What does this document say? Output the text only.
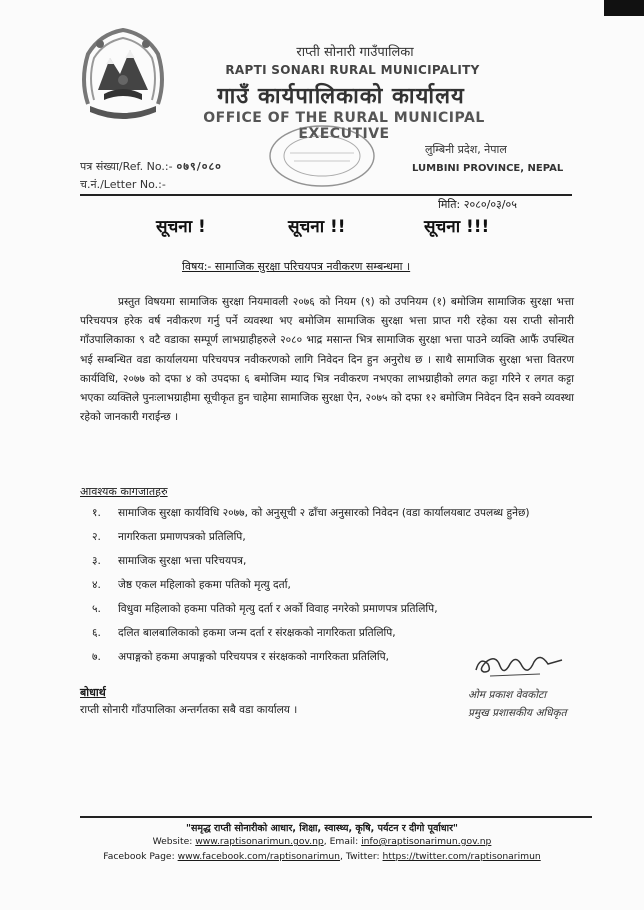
राप्ती सोनारी गाउँपालिका
RAPTI SONARI RURAL MUNICIPALITY
गाउँ कार्यपालिकाको कार्यालय
OFFICE OF THE RURAL MUNICIPAL EXECUTIVE
लुम्बिनी प्रदेश, नेपाल
LUMBINI PROVINCE, NEPAL
पत्र संख्या/Ref. No.:- ०७९/०८०
च.नं./Letter No.:-
मिति: २०८०/०३/०५
सूचना !	सूचना !!	सूचना !!!
विषय:- सामाजिक सुरक्षा परिचयपत्र नवीकरण सम्बन्धमा ।
प्रस्तुत विषयमा सामाजिक सुरक्षा नियमावली २०७६ को नियम (९) को उपनियम (१) बमोजिम सामाजिक सुरक्षा भत्ता परिचयपत्र हरेक वर्ष नवीकरण गर्नु पर्ने व्यवस्था भए बमोजिम सामाजिक सुरक्षा भत्ता प्राप्त गरी रहेका यस राप्ती सोनारी गाँउपालिकाका ९ वटै वडाका सम्पूर्ण लाभग्राहीहरुले २०८० भाद्र मसान्त भित्र सामाजिक सुरक्षा भत्ता पाउने व्यक्ति आफैं उपस्थित भई सम्बन्धित वडा कार्यालयमा परिचयपत्र नवीकरणको लागि निवेदन दिन हुन अनुरोध छ । साथै सामाजिक सुरक्षा भत्ता वितरण कार्यविधि, २०७७ को दफा ४ को उपदफा ६ बमोजिम म्याद भित्र नवीकरण नभएका लाभग्राहीको लगत कट्टा गरिने र लगत कट्टा भएका व्यक्तिले पुनःलाभग्राहीमा सूचीकृत हुन चाहेमा सामाजिक सुरक्षा ऐन, २०७५ को दफा १२ बमोजिम निवेदन दिन सक्ने व्यवस्था रहेको जानकारी गराईन्छ ।
आवश्यक कागजातहरु
१. सामाजिक सुरक्षा कार्यविधि २०७७, को अनुसूची २ ढाँचा अनुसारको निवेदन (वडा कार्यालयबाट उपलब्ध हुनेछ)
२. नागरिकता प्रमाणपत्रको प्रतिलिपि,
३. सामाजिक सुरक्षा भत्ता परिचयपत्र,
४. जेष्ठ एकल महिलाको हकमा पतिको मृत्यु दर्ता,
५. विधुवा महिलाको हकमा पतिको मृत्यु दर्ता र अर्को विवाह नगरेको प्रमाणपत्र प्रतिलिपि,
६. दलित बालबालिकाको हकमा जन्म दर्ता र संरक्षकको नागरिकता प्रतिलिपि,
७. अपाङ्गको हकमा अपाङ्गको परिचयपत्र र संरक्षकको नागरिकता प्रतिलिपि,
ओम प्रकाश वेवकोटा
प्रमुख प्रशासकीय अधिकृत
बोधार्थ
राप्ती सोनारी गाँउपालिका अन्तर्गतका सबै वडा कार्यालय ।
"समृद्ध राप्ती सोनारीको आधार, शिक्षा, स्वास्थ्य, कृषि, पर्यटन र दीगो पूर्वाधार"
Website: www.raptisonarimun.gov.np, Email: info@raptisonarimun.gov.np
Facebook Page: www.facebook.com/raptisonarimun, Twitter: https://twitter.com/raptisonarimun
